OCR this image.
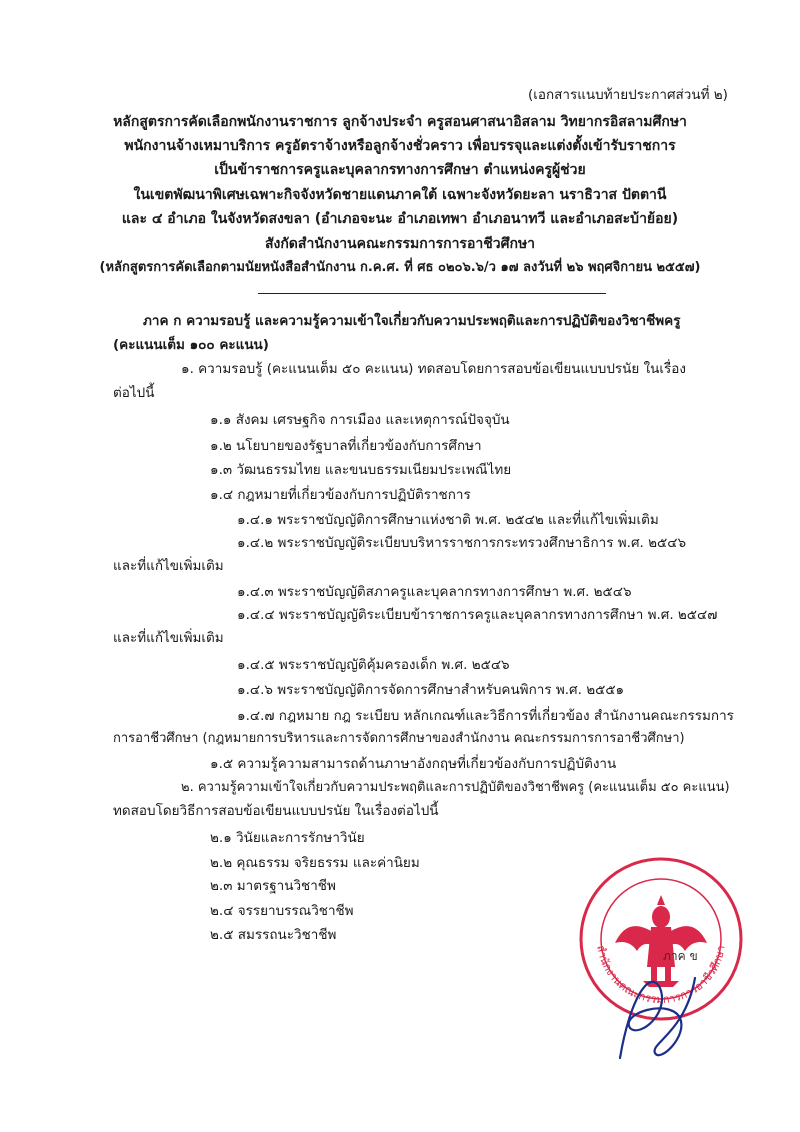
(เอกสารแนบท้ายประกาศส่วนที่ ๒)
หลักสูตรการคัดเลือกพนักงานราชการ ลูกจ้างประจำ ครูสอนศาสนาอิสลาม วิทยากรอิสลามศึกษา
พนักงานจ้างเหมาบริการ ครูอัตราจ้างหรือลูกจ้างชั่วคราว เพื่อบรรจุและแต่งตั้งเข้ารับราชการ
เป็นข้าราชการครูและบุคลากรทางการศึกษา ตำแหน่งครูผู้ช่วย
ในเขตพัฒนาพิเศษเฉพาะกิจจังหวัดชายแดนภาคใต้ เฉพาะจังหวัดยะลา นราธิวาส ปัตตานี
และ ๔ อำเภอ ในจังหวัดสงขลา (อำเภอจะนะ อำเภอเทพา อำเภอนาทวี และอำเภอสะบ้าย้อย)
สังกัดสำนักงานคณะกรรมการการอาชีวศึกษา
(หลักสูตรการคัดเลือกตามนัยหนังสือสำนักงาน ก.ค.ศ. ที่ ศธ ๐๒๐๖.๖/ว ๑๗ ลงวันที่ ๒๖ พฤศจิกายน ๒๕๕๗)
ภาค ก ความรอบรู้ และความรู้ความเข้าใจเกี่ยวกับความประพฤติและการปฏิบัติของวิชาชีพครู
(คะแนนเต็ม ๑๐๐ คะแนน)
๑. ความรอบรู้ (คะแนนเต็ม ๕๐ คะแนน) ทดสอบโดยการสอบข้อเขียนแบบปรนัย ในเรื่อง
ต่อไปนี้
๑.๑ สังคม เศรษฐกิจ การเมือง และเหตุการณ์ปัจจุบัน
๑.๒ นโยบายของรัฐบาลที่เกี่ยวข้องกับการศึกษา
๑.๓ วัฒนธรรมไทย และขนบธรรมเนียมประเพณีไทย
๑.๔ กฎหมายที่เกี่ยวข้องกับการปฏิบัติราชการ
๑.๔.๑ พระราชบัญญัติการศึกษาแห่งชาติ พ.ศ. ๒๕๔๒ และที่แก้ไขเพิ่มเติม
๑.๔.๒ พระราชบัญญัติระเบียบบริหารราชการกระทรวงศึกษาธิการ พ.ศ. ๒๕๔๖
และที่แก้ไขเพิ่มเติม
๑.๔.๓ พระราชบัญญัติสภาครูและบุคลากรทางการศึกษา พ.ศ. ๒๕๔๖
๑.๔.๔ พระราชบัญญัติระเบียบข้าราชการครูและบุคลากรทางการศึกษา พ.ศ. ๒๕๔๗
และที่แก้ไขเพิ่มเติม
๑.๔.๕ พระราชบัญญัติคุ้มครองเด็ก พ.ศ. ๒๕๔๖
๑.๔.๖ พระราชบัญญัติการจัดการศึกษาสำหรับคนพิการ พ.ศ. ๒๕๕๑
๑.๔.๗ กฎหมาย กฎ ระเบียบ หลักเกณฑ์และวิธีการที่เกี่ยวข้อง สำนักงานคณะกรรมการ
การอาชีวศึกษา (กฎหมายการบริหารและการจัดการศึกษาของสำนักงาน คณะกรรมการการอาชีวศึกษา)
๑.๕ ความรู้ความสามารถด้านภาษาอังกฤษที่เกี่ยวข้องกับการปฏิบัติงาน
๒. ความรู้ความเข้าใจเกี่ยวกับความประพฤติและการปฏิบัติของวิชาชีพครู (คะแนนเต็ม ๕๐ คะแนน)
ทดสอบโดยวิธีการสอบข้อเขียนแบบปรนัย ในเรื่องต่อไปนี้
๒.๑ วินัยและการรักษาวินัย
๒.๒ คุณธรรม จริยธรรม และค่านิยม
๒.๓ มาตรฐานวิชาชีพ
๒.๔ จรรยาบรรณวิชาชีพ
๒.๕ สมรรถนะวิชาชีพ
สำนักงานคณะกรรมการการอาชีวศึกษา
ภาค ข
